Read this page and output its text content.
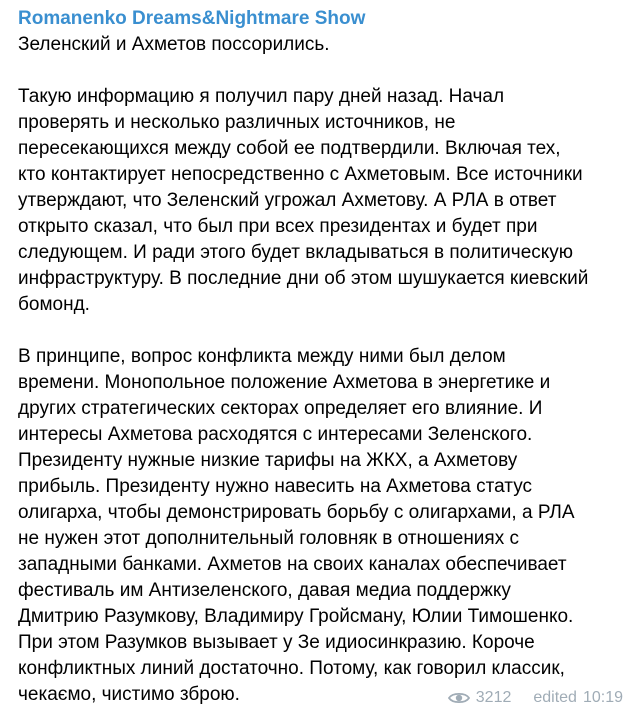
Romanenko Dreams&Nightmare Show
Зеленский и Ахметов поссорились.
Такую информацию я получил пару дней назад. Начал
проверять и несколько различных источников, не
пересекающихся между собой ее подтвердили. Включая тех,
кто контактирует непосредственно с Ахметовым. Все источники
утверждают, что Зеленский угрожал Ахметову. А РЛА в ответ
открыто сказал, что был при всех президентах и будет при
следующем. И ради этого будет вкладываться в политическую
инфраструктуру. В последние дни об этом шушукается киевский
бомонд.
В принципе, вопрос конфликта между ними был делом
времени. Монопольное положение Ахметова в энергетике и
других стратегических секторах определяет его влияние. И
интересы Ахметова расходятся с интересами Зеленского.
Президенту нужные низкие тарифы на ЖКХ, а Ахметову
прибыль. Президенту нужно навесить на Ахметова статус
олигарха, чтобы демонстрировать борьбу с олигархами, а РЛА
не нужен этот дополнительный головняк в отношениях с
западными банками. Ахметов на своих каналах обеспечивает
фестиваль им Антизеленского, давая медиа поддержку
Дмитрию Разумкову, Владимиру Гройсману, Юлии Тимошенко.
При этом Разумков вызывает у Зе идиосинкразию. Короче
конфликтных линий достаточно. Потому, как говорил классик,
чекаємо, чистимо зброю.	3212 edited 10:19
